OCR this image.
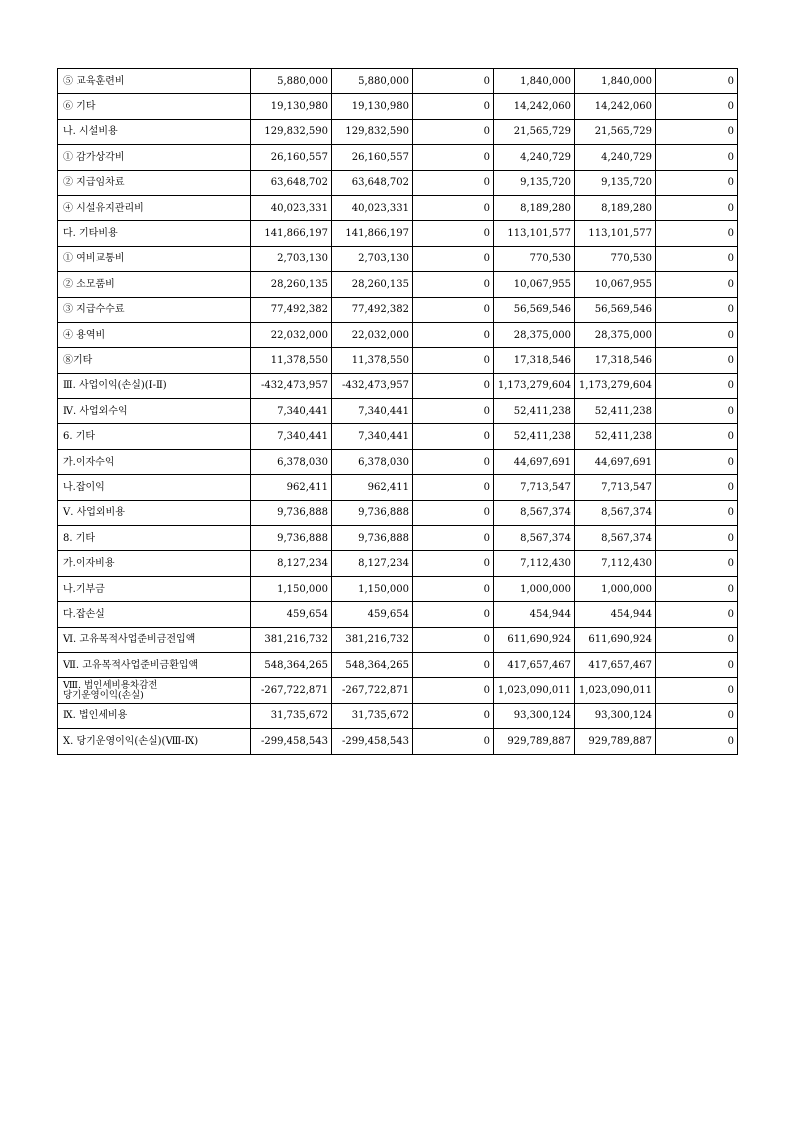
⑤ 교육훈련비	5,880,000	5,880,000	0	1,840,000	1,840,000	0
⑥ 기타	19,130,980	19,130,980	0	14,242,060	14,242,060	0
나. 시설비용	129,832,590	129,832,590	0	21,565,729	21,565,729	0
① 감가상각비	26,160,557	26,160,557	0	4,240,729	4,240,729	0
② 지급임차료	63,648,702	63,648,702	0	9,135,720	9,135,720	0
④ 시설유지관리비	40,023,331	40,023,331	0	8,189,280	8,189,280	0
다. 기타비용	141,866,197	141,866,197	0	113,101,577	113,101,577	0
① 여비교통비	2,703,130	2,703,130	0	770,530	770,530	0
② 소모품비	28,260,135	28,260,135	0	10,067,955	10,067,955	0
③ 지급수수료	77,492,382	77,492,382	0	56,569,546	56,569,546	0
④ 용역비	22,032,000	22,032,000	0	28,375,000	28,375,000	0
⑧기타	11,378,550	11,378,550	0	17,318,546	17,318,546	0
Ⅲ. 사업이익(손실)(Ⅰ-Ⅱ)	-432,473,957	-432,473,957	0	1,173,279,604	1,173,279,604	0
Ⅳ. 사업외수익	7,340,441	7,340,441	0	52,411,238	52,411,238	0
6. 기타	7,340,441	7,340,441	0	52,411,238	52,411,238	0
가.이자수익	6,378,030	6,378,030	0	44,697,691	44,697,691	0
나.잡이익	962,411	962,411	0	7,713,547	7,713,547	0
Ⅴ. 사업외비용	9,736,888	9,736,888	0	8,567,374	8,567,374	0
8. 기타	9,736,888	9,736,888	0	8,567,374	8,567,374	0
가.이자비용	8,127,234	8,127,234	0	7,112,430	7,112,430	0
나.기부금	1,150,000	1,150,000	0	1,000,000	1,000,000	0
다.잡손실	459,654	459,654	0	454,944	454,944	0
Ⅵ. 고유목적사업준비금전입액	381,216,732	381,216,732	0	611,690,924	611,690,924	0
Ⅶ. 고유목적사업준비금환입액	548,364,265	548,364,265	0	417,657,467	417,657,467	0

Ⅷ. 법인세비용차감전
당기운영이익(손실)	-267,722,871	-267,722,871	0	1,023,090,011	1,023,090,011	0
Ⅸ. 법인세비용	31,735,672	31,735,672	0	93,300,124	93,300,124	0
Ⅹ. 당기운영이익(손실)(Ⅷ-Ⅸ)	-299,458,543	-299,458,543	0	929,789,887	929,789,887	0
